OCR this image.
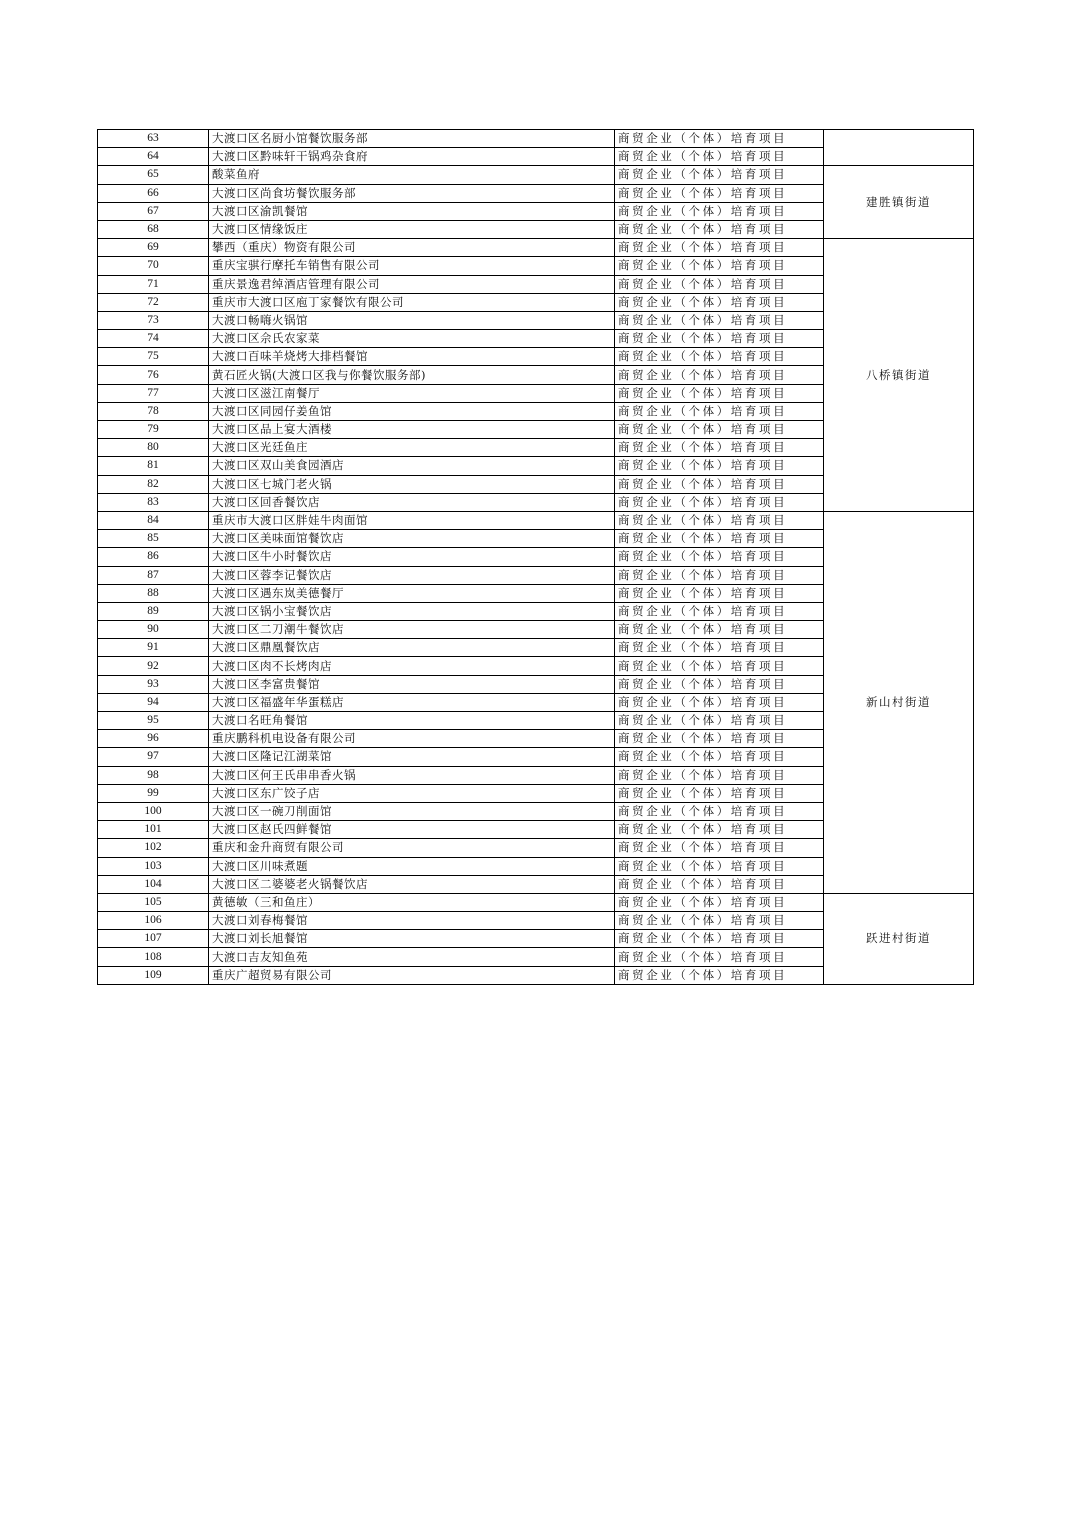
63	大渡口区名厨小馆餐饮服务部	商贸企业（个体）培育项目	
64	大渡口区黔味轩干锅鸡杂食府	商贸企业（个体）培育项目	
65	酸菜鱼府	商贸企业（个体）培育项目	建胜镇街道
66	大渡口区尚食坊餐饮服务部	商贸企业（个体）培育项目	
67	大渡口区渝凯餐馆	商贸企业（个体）培育项目	
68	大渡口区情缘饭庄	商贸企业（个体）培育项目	
69	攀西（重庆）物资有限公司	商贸企业（个体）培育项目	八桥镇街道
70	重庆宝骐行摩托车销售有限公司	商贸企业（个体）培育项目	
71	重庆景逸君绰酒店管理有限公司	商贸企业（个体）培育项目	
72	重庆市大渡口区庖丁家餐饮有限公司	商贸企业（个体）培育项目	
73	大渡口畅嗨火锅馆	商贸企业（个体）培育项目	
74	大渡口区佘氏农家菜	商贸企业（个体）培育项目	
75	大渡口百味羊烧烤大排档餐馆	商贸企业（个体）培育项目	
76	黄石匠火锅(大渡口区我与你餐饮服务部)	商贸企业（个体）培育项目	
77	大渡口区滋江南餐厅	商贸企业（个体）培育项目	
78	大渡口区同园仔姜鱼馆	商贸企业（个体）培育项目	
79	大渡口区品上宴大酒楼	商贸企业（个体）培育项目	
80	大渡口区光廷鱼庄	商贸企业（个体）培育项目	
81	大渡口区双山美食园酒店	商贸企业（个体）培育项目	
82	大渡口区七城门老火锅	商贸企业（个体）培育项目	
83	大渡口区回香餐饮店	商贸企业（个体）培育项目	
84	重庆市大渡口区胖娃牛肉面馆	商贸企业（个体）培育项目	新山村街道
85	大渡口区美味面馆餐饮店	商贸企业（个体）培育项目	
86	大渡口区牛小时餐饮店	商贸企业（个体）培育项目	
87	大渡口区蓉李记餐饮店	商贸企业（个体）培育项目	
88	大渡口区遇东岚美德餐厅	商贸企业（个体）培育项目	
89	大渡口区锅小宝餐饮店	商贸企业（个体）培育项目	
90	大渡口区二刀潮牛餐饮店	商贸企业（个体）培育项目	
91	大渡口区鼎凰餐饮店	商贸企业（个体）培育项目	
92	大渡口区肉不长烤肉店	商贸企业（个体）培育项目	
93	大渡口区李富贵餐馆	商贸企业（个体）培育项目	
94	大渡口区福盛年华蛋糕店	商贸企业（个体）培育项目	
95	大渡口名旺角餐馆	商贸企业（个体）培育项目	
96	重庆鹏科机电设备有限公司	商贸企业（个体）培育项目	
97	大渡口区隆记江湖菜馆	商贸企业（个体）培育项目	
98	大渡口区何王氏串串香火锅	商贸企业（个体）培育项目	
99	大渡口区东广饺子店	商贸企业（个体）培育项目	
100	大渡口区一碗刀削面馆	商贸企业（个体）培育项目	
101	大渡口区赵氏四鲜餐馆	商贸企业（个体）培育项目	
102	重庆和金升商贸有限公司	商贸企业（个体）培育项目	
103	大渡口区川味煮题	商贸企业（个体）培育项目	
104	大渡口区二婆婆老火锅餐饮店	商贸企业（个体）培育项目	
105	黄德敏（三和鱼庄）	商贸企业（个体）培育项目	跃进村街道
106	大渡口刘春梅餐馆	商贸企业（个体）培育项目	
107	大渡口刘长旭餐馆	商贸企业（个体）培育项目	
108	大渡口吉友知鱼苑	商贸企业（个体）培育项目	
109	重庆广超贸易有限公司	商贸企业（个体）培育项目	
